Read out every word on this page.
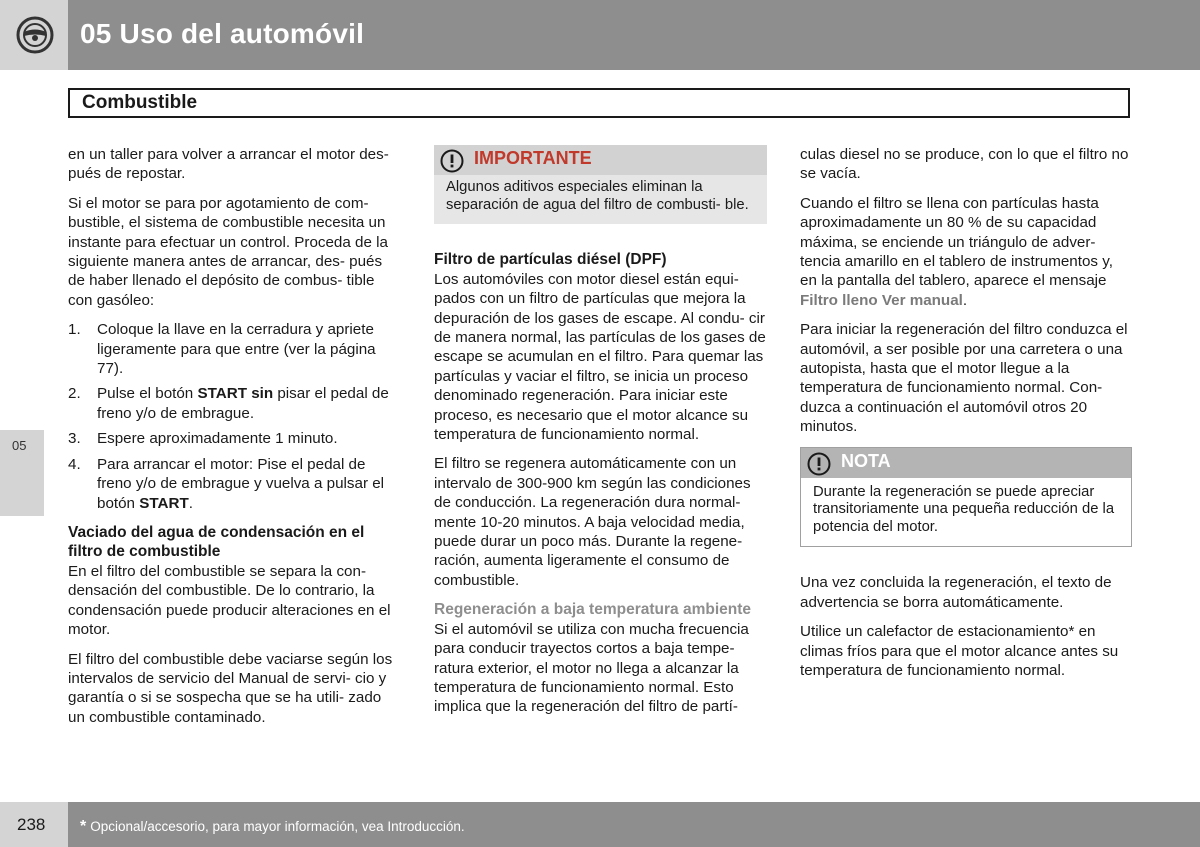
05 Uso del automóvil
Combustible
05

en un taller para volver a arrancar el motor des- pués de repostar.

Si el motor se para por agotamiento de com- bustible, el sistema de combustible necesita un instante para efectuar un control. Proceda de la siguiente manera antes de arrancar, des- pués de haber llenado el depósito de combus- tible con gasóleo:

1. Coloque la llave en la cerradura y apriete ligeramente para que entre (ver la página 77).
2. Pulse el botón START sin pisar el pedal de freno y/o de embrague.
3. Espere aproximadamente 1 minuto.
4. Para arrancar el motor: Pise el pedal de freno y/o de embrague y vuelva a pulsar el botón START.
Vaciado del agua de condensación en el filtro de combustible

En el filtro del combustible se separa la con- densación del combustible. De lo contrario, la condensación puede producir alteraciones en el motor.

El filtro del combustible debe vaciarse según los intervalos de servicio del Manual de servi- cio y garantía o si se sospecha que se ha utili- zado un combustible contaminado.

IMPORTANTE
Algunos aditivos especiales eliminan la separación de agua del filtro de combusti- ble.
Filtro de partículas diésel (DPF)

Los automóviles con motor diesel están equi- pados con un filtro de partículas que mejora la depuración de los gases de escape. Al condu- cir de manera normal, las partículas de los gases de escape se acumulan en el filtro. Para quemar las partículas y vaciar el filtro, se inicia un proceso denominado regeneración. Para iniciar este proceso, es necesario que el motor alcance su temperatura de funcionamiento normal.

El filtro se regenera automáticamente con un intervalo de 300-900 km según las condiciones de conducción. La regeneración dura normal- mente 10-20 minutos. A baja velocidad media, puede durar un poco más. Durante la regene- ración, aumenta ligeramente el consumo de combustible.

Regeneración a baja temperatura ambiente

Si el automóvil se utiliza con mucha frecuencia para conducir trayectos cortos a baja tempe- ratura exterior, el motor no llega a alcanzar la temperatura de funcionamiento normal. Esto implica que la regeneración del filtro de partí-

culas diesel no se produce, con lo que el filtro no se vacía.

Cuando el filtro se llena con partículas hasta aproximadamente un 80 % de su capacidad máxima, se enciende un triángulo de adver- tencia amarillo en el tablero de instrumentos y, en la pantalla del tablero, aparece el mensaje Filtro lleno Ver manual.

Para iniciar la regeneración del filtro conduzca el automóvil, a ser posible por una carretera o una autopista, hasta que el motor llegue a la temperatura de funcionamiento normal. Con- duzca a continuación el automóvil otros 20 minutos.

NOTA
Durante la regeneración se puede apreciar transitoriamente una pequeña reducción de la potencia del motor.

Una vez concluida la regeneración, el texto de advertencia se borra automáticamente.

Utilice un calefactor de estacionamiento* en climas fríos para que el motor alcance antes su temperatura de funcionamiento normal.

238 * Opcional/accesorio, para mayor información, vea Introducción.
